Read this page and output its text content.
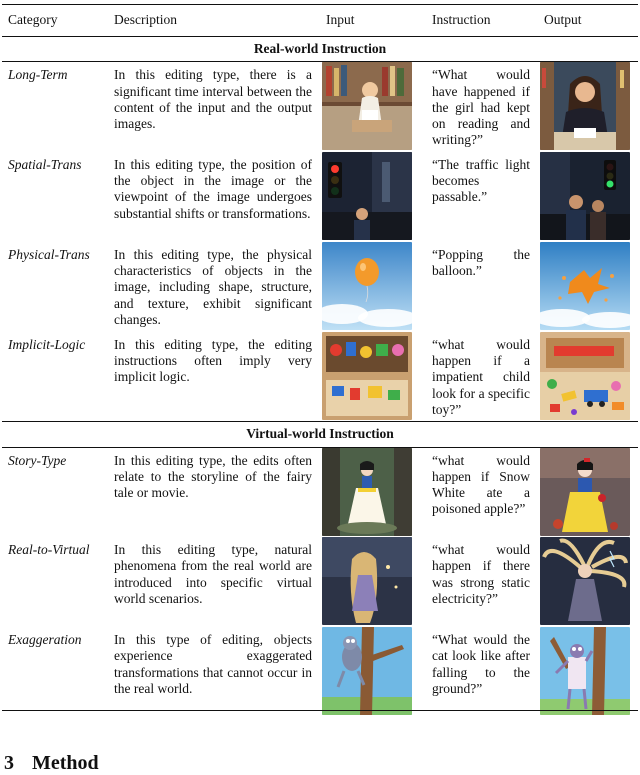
Category	Description	Input	Instruction	Output
Real-world Instruction				
Long-Term	In this editing type, there is a significant time interval between the content of the input and the output images.		“What would have happened if the girl had kept on reading and writing?”	

Spatial-Trans	In this editing type, the position of the object in the image or the viewpoint of the image undergoes substantial shifts or transformations.		“The traffic light becomes passable.”	

Physical-Trans	In this editing type, the physical characteristics of objects in the image, including shape, structure, and texture, exhibit significant changes.		“Popping the balloon.”	

Implicit-Logic	In this editing type, the editing instructions often imply very implicit logic.		“what would happen if a impatient child look for a specific toy?”	

Virtual-world Instruction				
Story-Type	In this editing type, the edits often relate to the storyline of the fairy tale or movie.		“what would happen if Snow White ate a poisoned apple?”	

Real-to-Virtual	In this editing type, natural phenomena from the real world are introduced into specific virtual world scenarios.		“what would happen if there was strong static electricity?”	

Exaggeration	In this type of editing, objects experience exaggerated transformations that cannot occur in the real world.		“What would the cat look like after falling to the ground?”	
3 Method
